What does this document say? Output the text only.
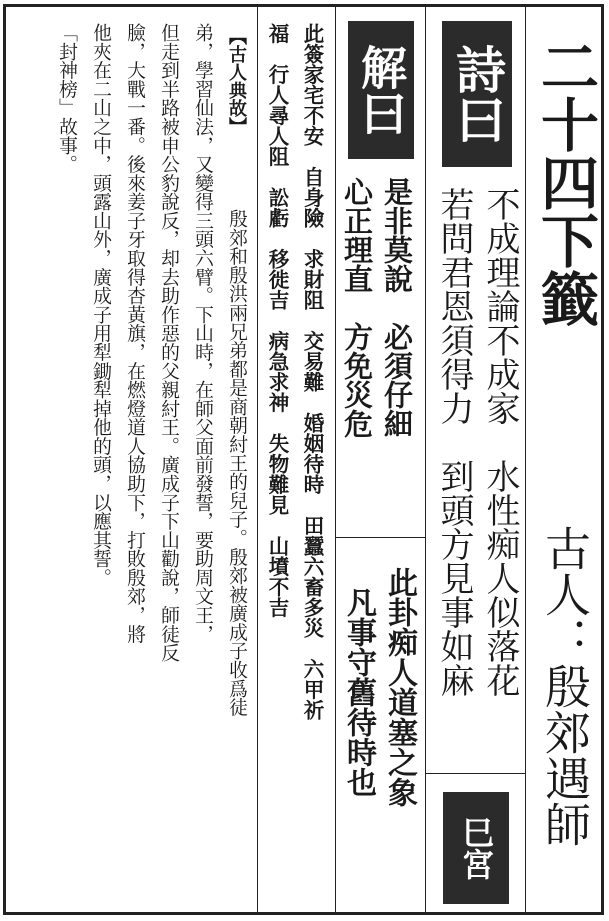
二十四下籤
古人：殷郊遇師
詩曰
不成理論不成家　水性痴人似落花
若問君恩須得力　到頭方見事如麻
巳宮
解曰
是非莫說　必須仔細
心正理直　方免災危
此卦痴人道塞之象
凡事守舊待時也
此簽家宅不安　自身險　求財阻　交易難　婚姻待時　田蠶六畜多災　六甲祈
福　行人尋人阻　訟虧　移徙吉　病急求神　失物難見　山墳不吉
【古人典故】
殷郊和殷洪兩兄弟都是商朝紂王的兒子。殷郊被廣成子收爲徒
弟，學習仙法，又變得三頭六臂。下山時，在師父面前發誓，要助周文王，
但走到半路被申公豹說反，却去助作惡的父親紂王。廣成子下山勸說，師徒反
臉，大戰一番。後來姜子牙取得杏黃旗，在燃燈道人協助下，打敗殷郊，將
他夾在二山之中，頭露山外，廣成子用犁鋤犁掉他的頭，以應其誓。
「封神榜」故事。
